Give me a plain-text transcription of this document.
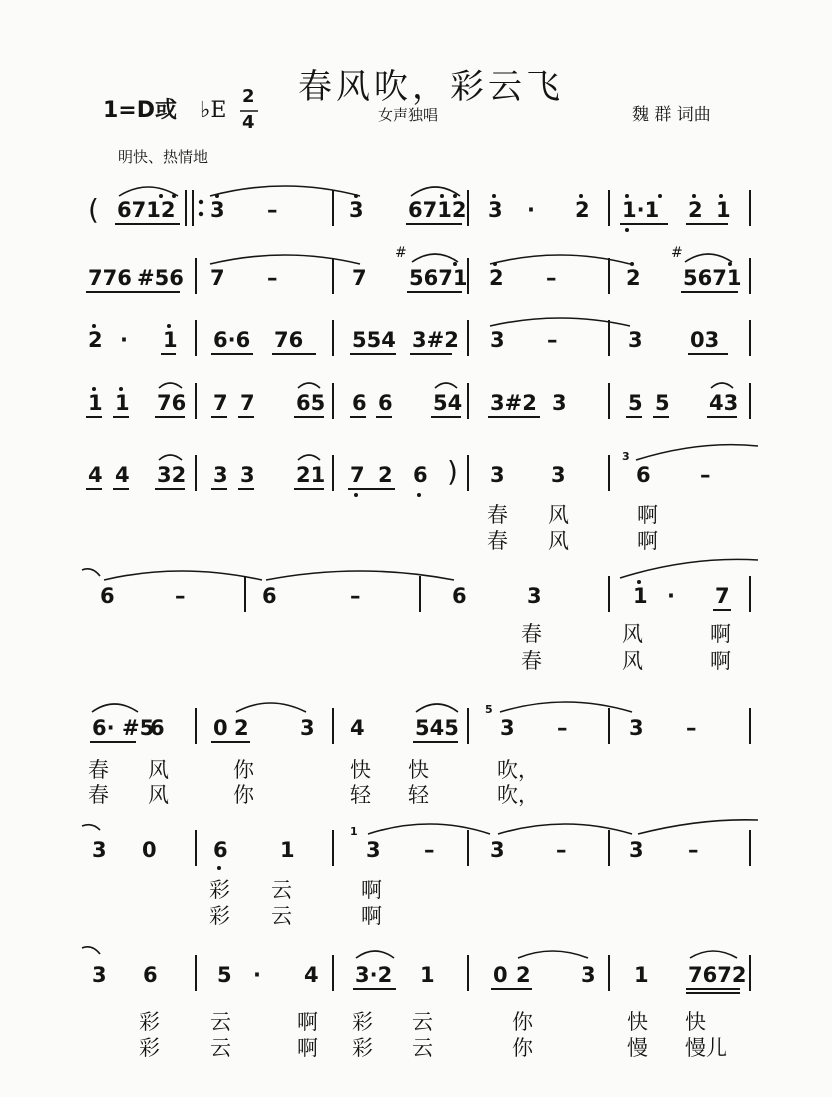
春风吹，彩云飞
1=D或 ♭E
2
4	女声独唱	魏 群 词曲
明快、热情地
( 6712 3 –	3 6712 3 · 2 1·1 2 1
776 #56 7 –	7
#
5671 2 –	2
#
5671
2 · 1 6·6 76 554 3#2 3 –	3 03
1 1 76 7 7 65 6 6 54 3#2 3	5 5 43
4 4 32 3 3 21 7 2 6 ) 3 3
3
6 –
春 风	啊
春 风	啊
6	–	6	–	6	3	1 · 7
春	风	啊
春	风	啊
6· #5
6 0 2 3 4 545
5
3 –	3 –
春 风	你	快 快	吹，
春 风	你	轻 轻	吹，
3 0	6 1
1
3 –	3 –	3 –
彩 云	啊
彩 云	啊
3 6	5 · 4 3·2 1	0 2 3 1 7672
彩 云	啊 彩 云	你	快 快
彩 云	啊 彩 云	你	慢 慢儿
